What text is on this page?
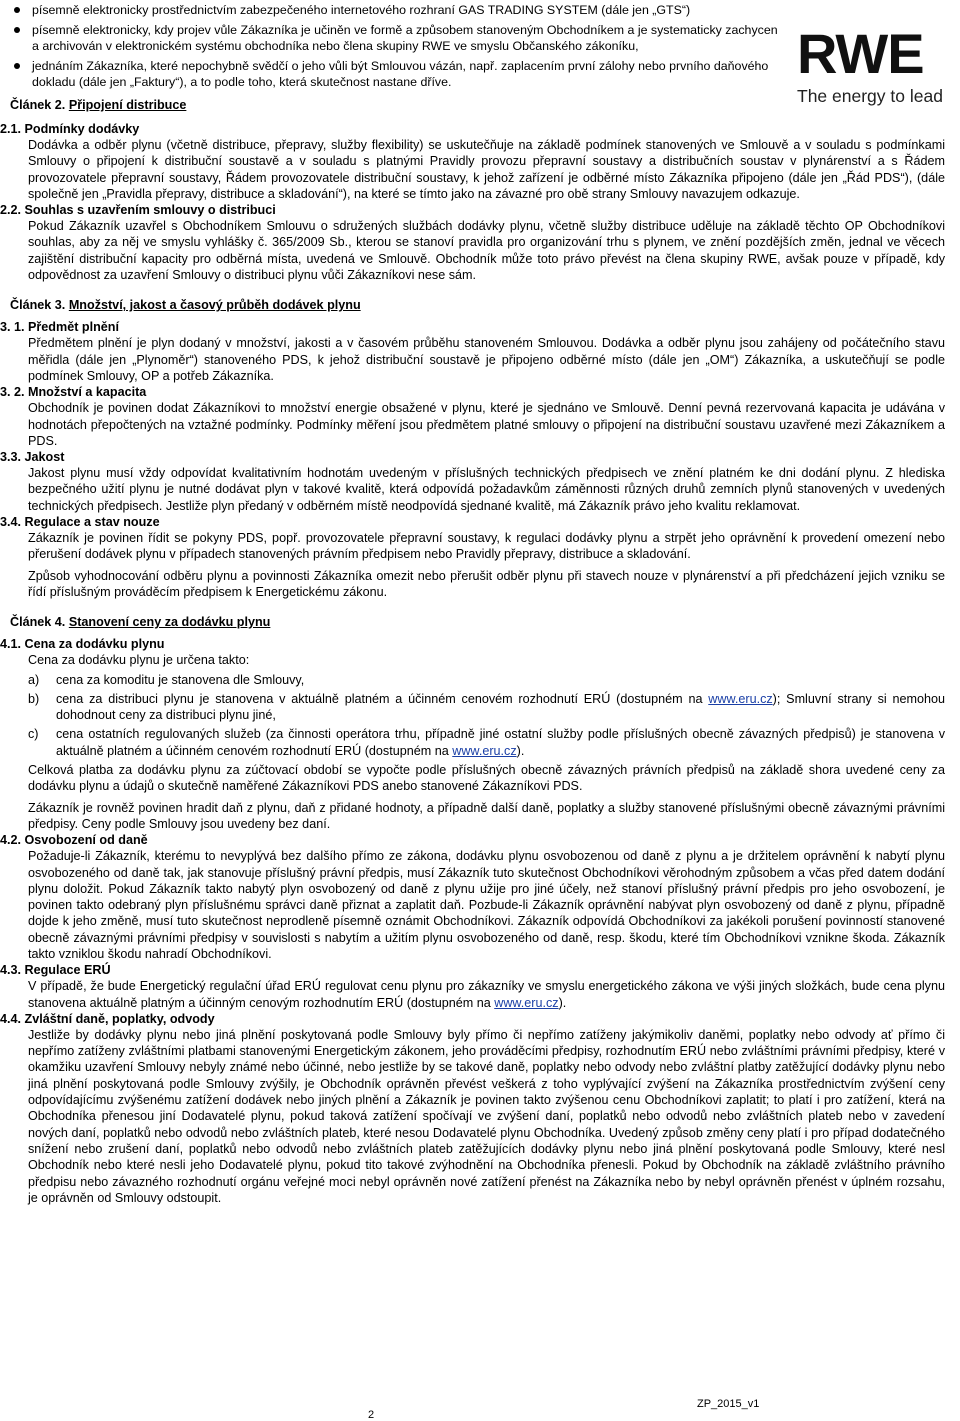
RWE
The energy to lead
písemně elektronicky prostřednictvím zabezpečeného internetového rozhraní GAS TRADING SYSTEM (dále jen „GTS“)
písemně elektronicky, kdy projev vůle Zákazníka je učiněn ve formě a způsobem stanoveným Obchodníkem a je systematicky zachycen a archivován v elektronickém systému obchodníka nebo člena skupiny RWE ve smyslu Občanského zákoníku,
jednáním Zákazníka, které nepochybně svědčí o jeho vůli být Smlouvou vázán, např. zaplacením první zálohy nebo prvního daňového dokladu (dále jen „Faktury“), a to podle toho, která skutečnost nastane dříve.
Článek 2. Připojení distribuce

2.1. Podmínky dodávky

Dodávka a odběr plynu (včetně distribuce, přepravy, služby flexibility) se uskutečňuje na základě podmínek stanovených ve Smlouvě a v souladu s podmínkami Smlouvy o připojení k distribuční soustavě a v souladu s platnými Pravidly provozu přepravní soustavy a distribučních soustav v plynárenství a s Řádem provozovatele přepravní soustavy, Řádem provozovatele distribuční soustavy, k jehož zařízení je odběrné místo Zákazníka připojeno (dále jen „Řád PDS“), (dále společně jen „Pravidla přepravy, distribuce a skladování“), na které se tímto jako na závazné pro obě strany Smlouvy navazujem odkazuje.

2.2. Souhlas s uzavřením smlouvy o distribuci

Pokud Zákazník uzavřel s Obchodníkem Smlouvu o sdružených službách dodávky plynu, včetně služby distribuce uděluje na základě těchto OP Obchodníkovi souhlas, aby za něj ve smyslu vyhlášky č. 365/2009 Sb., kterou se stanoví pravidla pro organizování trhu s plynem, ve znění pozdějších změn, jednal ve věcech zajištění distribuční kapacity pro odběrná místa, uvedená ve Smlouvě. Obchodník může toto právo převést na člena skupiny RWE, avšak pouze v případě, kdy odpovědnost za uzavření Smlouvy o distribuci plynu vůči Zákazníkovi nese sám.

Článek 3. Množství, jakost a časový průběh dodávek plynu

3. 1. Předmět plnění

Předmětem plnění je plyn dodaný v množství, jakosti a v časovém průběhu stanoveném Smlouvou. Dodávka a odběr plynu jsou zahájeny od počátečního stavu měřidla (dále jen „Plynoměr“) stanoveného PDS, k jehož distribuční soustavě je připojeno odběrné místo (dále jen „OM“) Zákazníka, a uskutečňují se podle podmínek Smlouvy, OP a potřeb Zákazníka.

3. 2. Množství a kapacita

Obchodník je povinen dodat Zákazníkovi to množství energie obsažené v plynu, které je sjednáno ve Smlouvě. Denní pevná rezervovaná kapacita je udávána v hodnotách přepočtených na vztažné podmínky. Podmínky měření jsou předmětem platné smlouvy o připojení na distribuční soustavu uzavřené mezi Zákazníkem a PDS.

3.3. Jakost

Jakost plynu musí vždy odpovídat kvalitativním hodnotám uvedeným v příslušných technických předpisech ve znění platném ke dni dodání plynu. Z hlediska bezpečného užití plynu je nutné dodávat plyn v takové kvalitě, která odpovídá požadavkům záměnnosti různých druhů zemních plynů stanovených v uvedených technických předpisech. Jestliže plyn předaný v odběrném místě neodpovídá sjednané kvalitě, má Zákazník právo jeho kvalitu reklamovat.

3.4. Regulace a stav nouze

Zákazník je povinen řídit se pokyny PDS, popř. provozovatele přepravní soustavy, k regulaci dodávky plynu a strpět jeho oprávnění k provedení omezení nebo přerušení dodávek plynu v případech stanovených právním předpisem nebo Pravidly přepravy, distribuce a skladování.

Způsob vyhodnocování odběru plynu a povinnosti Zákazníka omezit nebo přerušit odběr plynu při stavech nouze v plynárenství a při předcházení jejich vzniku se řídí příslušným prováděcím předpisem k Energetickému zákonu.

Článek 4. Stanovení ceny za dodávku plynu

4.1. Cena za dodávku plynu

Cena za dodávku plynu je určena takto:

a)	cena za komoditu je stanovena dle Smlouvy,
b)	cena za distribuci plynu je stanovena v aktuálně platném a účinném cenovém rozhodnutí ERÚ (dostupném na www.eru.cz); Smluvní strany si nemohou dohodnout ceny za distribuci plynu jiné,
c)	cena ostatních regulovaných služeb (za činnosti operátora trhu, případně jiné ostatní služby podle příslušných obecně závazných předpisů) je stanovena v aktuálně platném a účinném cenovém rozhodnutí ERÚ (dostupném na www.eru.cz).

Celková platba za dodávku plynu za zúčtovací období se vypočte podle příslušných obecně závazných právních předpisů na základě shora uvedené ceny za dodávku plynu a údajů o skutečně naměřené Zákazníkovi PDS anebo stanovené Zákazníkovi PDS.

Zákazník je rovněž povinen hradit daň z plynu, daň z přidané hodnoty, a případně další daně, poplatky a služby stanovené příslušnými obecně závaznými právními předpisy. Ceny podle Smlouvy jsou uvedeny bez daní.

4.2. Osvobození od daně

Požaduje-li Zákazník, kterému to nevyplývá bez dalšího přímo ze zákona, dodávku plynu osvobozenou od daně z plynu a je držitelem oprávnění k nabytí plynu osvobozeného od daně tak, jak stanovuje příslušný právní předpis, musí Zákazník tuto skutečnost Obchodníkovi věrohodným způsobem a včas před datem dodání plynu doložit. Pokud Zákazník takto nabytý plyn osvobozený od daně z plynu užije pro jiné účely, než stanoví příslušný právní předpis pro jeho osvobození, je povinen takto odebraný plyn příslušnému správci daně přiznat a zaplatit daň. Pozbude-li Zákazník oprávnění nabývat plyn osvobozený od daně z plynu, případně dojde k jeho změně, musí tuto skutečnost neprodleně písemně oznámit Obchodníkovi. Zákazník odpovídá Obchodníkovi za jakékoli porušení povinností stanovené obecně závaznými právními předpisy v souvislosti s nabytím a užitím plynu osvobozeného od daně, resp. škodu, které tím Obchodníkovi vznikne škoda. Zákazník takto vzniklou škodu nahradí Obchodníkovi.

4.3. Regulace ERÚ

V případě, že bude Energetický regulační úřad ERÚ regulovat cenu plynu pro zákazníky ve smyslu energetického zákona ve výši jiných složkách, bude cena plynu stanovena aktuálně platným a účinným cenovým rozhodnutím ERÚ (dostupném na www.eru.cz).

4.4. Zvláštní daně, poplatky, odvody

Jestliže by dodávky plynu nebo jiná plnění poskytovaná podle Smlouvy byly přímo či nepřímo zatíženy jakýmikoliv daněmi, poplatky nebo odvody ať přímo či nepřímo zatíženy zvláštními platbami stanovenými Energetickým zákonem, jeho prováděcími předpisy, rozhodnutím ERÚ nebo zvláštními právními předpisy, které v okamžiku uzavření Smlouvy nebyly známé nebo účinné, nebo jestliže by se takové daně, poplatky nebo odvody nebo zvláštní platby zatěžující dodávky plynu nebo jiná plnění poskytovaná podle Smlouvy zvýšily, je Obchodník oprávněn převést veškerá z toho vyplývající zvýšení na Zákazníka prostřednictvím zvýšení ceny odpovídajícímu zvýšenému zatížení dodávek nebo jiných plnění a Zákazník je povinen takto zvýšenou cenu Obchodníkovi zaplatit; to platí i pro zatížení, která na Obchodníka přenesou jiní Dodavatelé plynu, pokud taková zatížení spočívají ve zvýšení daní, poplatků nebo odvodů nebo zvláštních plateb nebo v zavedení nových daní, poplatků nebo odvodů nebo zvláštních plateb, které nesou Dodavatelé plynu Obchodníka. Uvedený způsob změny ceny platí i pro případ dodatečného snížení nebo zrušení daní, poplatků nebo odvodů nebo zvláštních plateb zatěžujících dodávky plynu nebo jiná plnění poskytovaná podle Smlouvy, které nesl Obchodník nebo které nesli jeho Dodavatelé plynu, pokud tito takové zvýhodnění na Obchodníka přenesli. Pokud by Obchodník na základě zvláštního právního předpisu nebo závazného rozhodnutí orgánu veřejné moci nebyl oprávněn nové zatížení přenést na Zákazníka nebo by nebyl oprávněn přenést v úplném rozsahu, je oprávněn od Smlouvy odstoupit.

2
ZP_2015_v1
